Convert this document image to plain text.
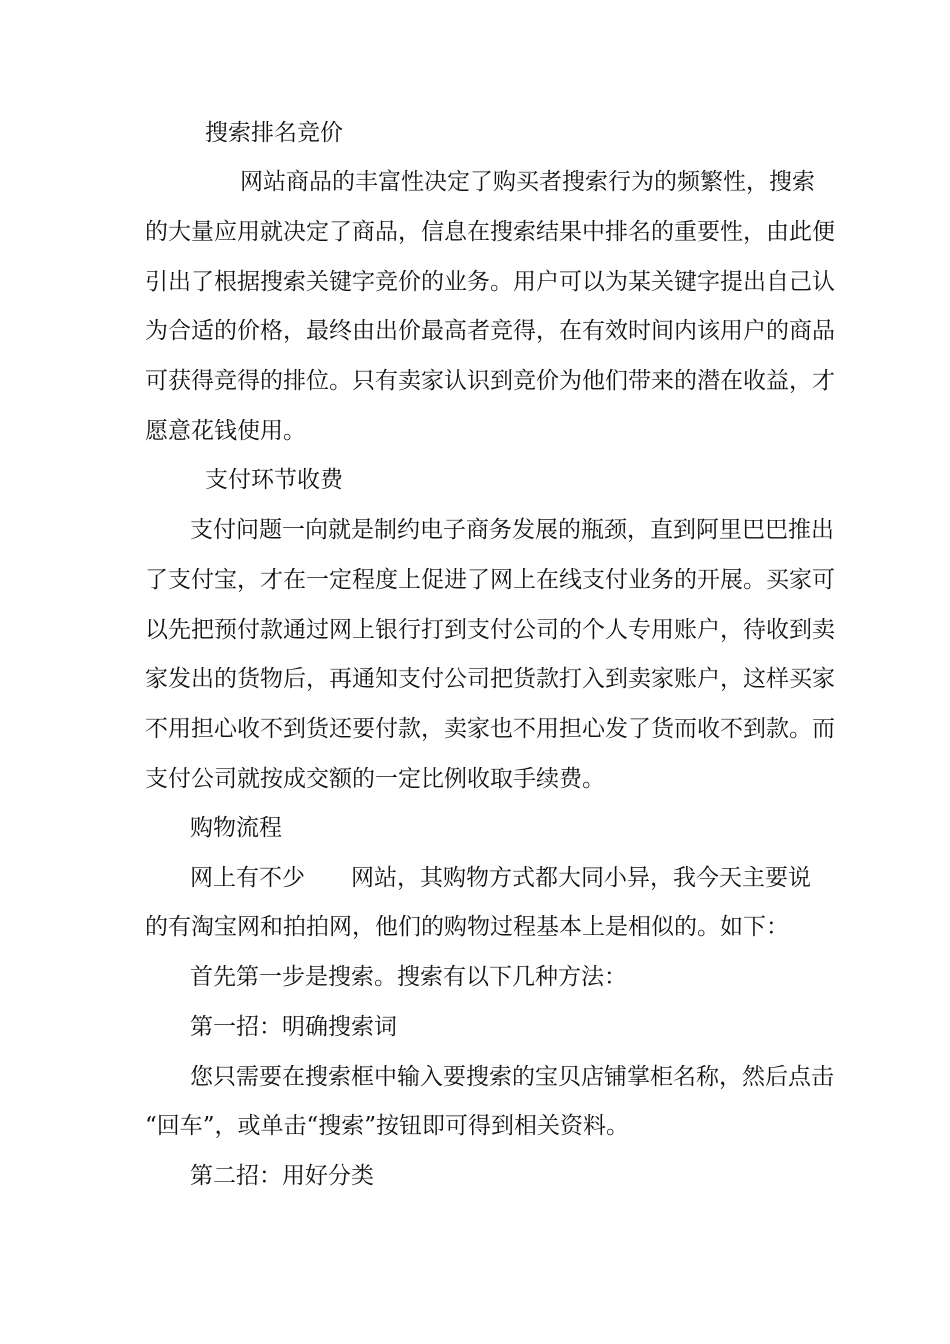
搜索排名竞价
网站商品的丰富性决定了购买者搜索行为的频繁性，搜索
的大量应用就决定了商品，信息在搜索结果中排名的重要性，由此便
引出了根据搜索关键字竞价的业务。用户可以为某关键字提出自己认
为合适的价格，最终由出价最高者竞得，在有效时间内该用户的商品
可获得竞得的排位。只有卖家认识到竞价为他们带来的潜在收益，才
愿意花钱使用。
支付环节收费
支付问题一向就是制约电子商务发展的瓶颈，直到阿里巴巴推出
了支付宝，才在一定程度上促进了网上在线支付业务的开展。买家可
以先把预付款通过网上银行打到支付公司的个人专用账户，待收到卖
家发出的货物后，再通知支付公司把货款打入到卖家账户，这样买家
不用担心收不到货还要付款，卖家也不用担心发了货而收不到款。而
支付公司就按成交额的一定比例收取手续费。
购物流程
网上有不少　　网站，其购物方式都大同小异，我今天主要说
的有淘宝网和拍拍网，他们的购物过程基本上是相似的。如下：
首先第一步是搜索。搜索有以下几种方法：
第一招：明确搜索词
您只需要在搜索框中输入要搜索的宝贝店铺掌柜名称，然后点击
“回车”，或单击“搜索”按钮即可得到相关资料。
第二招：用好分类
